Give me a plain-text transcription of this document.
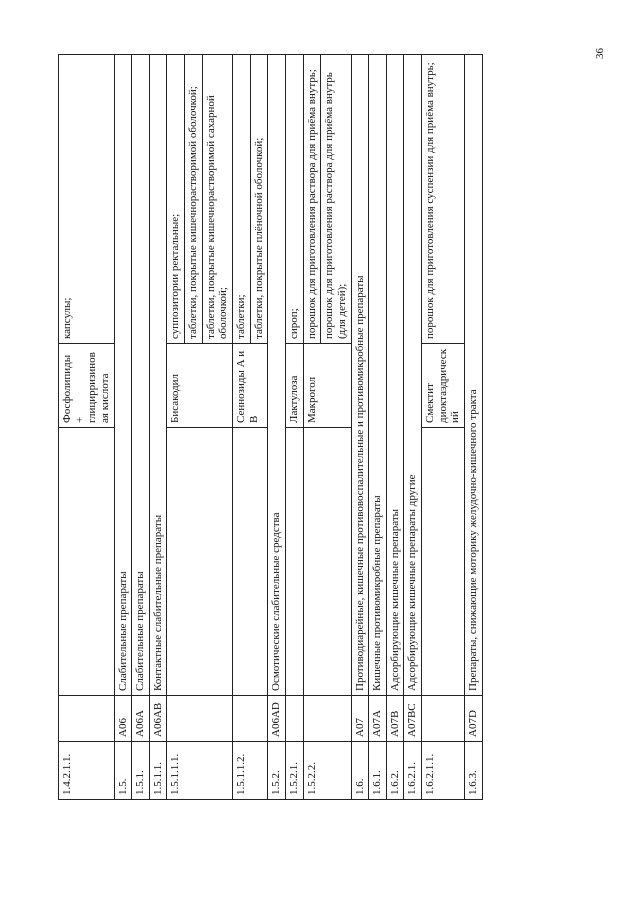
36
1.4.2.1.1.			Фосфолипиды + глицирризиновая кислота	капсулы;
1.5.	A06	Слабительные препараты		
1.5.1.	A06A	Слабительные препараты		
1.5.1.1.	A06AB	Контактные слабительные препараты		
1.5.1.1.1.			Бисакодил	суппозитории ректальные;
				таблетки, покрытые кишечнорастворимой оболочкой;
				таблетки, покрытые кишечнорастворимой сахарной оболочкой;
1.5.1.1.2.			Сеннозиды А и В	таблетки;
				таблетки, покрытые плёночной оболочкой;
1.5.2.	A06AD	Осмотические слабительные средства		
1.5.2.1.			Лактулоза	сироп;
1.5.2.2.			Макрогол	порошок для приготовления раствора для приёма внутрь;
				порошок для приготовления раствора для приёма внутрь (для детей);
1.6.	A07	Противодиарейные, кишечные противовоспалительные и противомикробные препараты		
1.6.1.	A07A	Кишечные противомикробные препараты		
1.6.2.	A07B	Адсорбирующие кишечные препараты		
1.6.2.1.	A07BC	Адсорбирующие кишечные препараты другие		
1.6.2.1.1.			Смектит диоктаэдрический	порошок для приготовления суспензии для приёма внутрь;
1.6.3.	A07D	Препараты, снижающие моторику желудочно-кишечного тракта		
